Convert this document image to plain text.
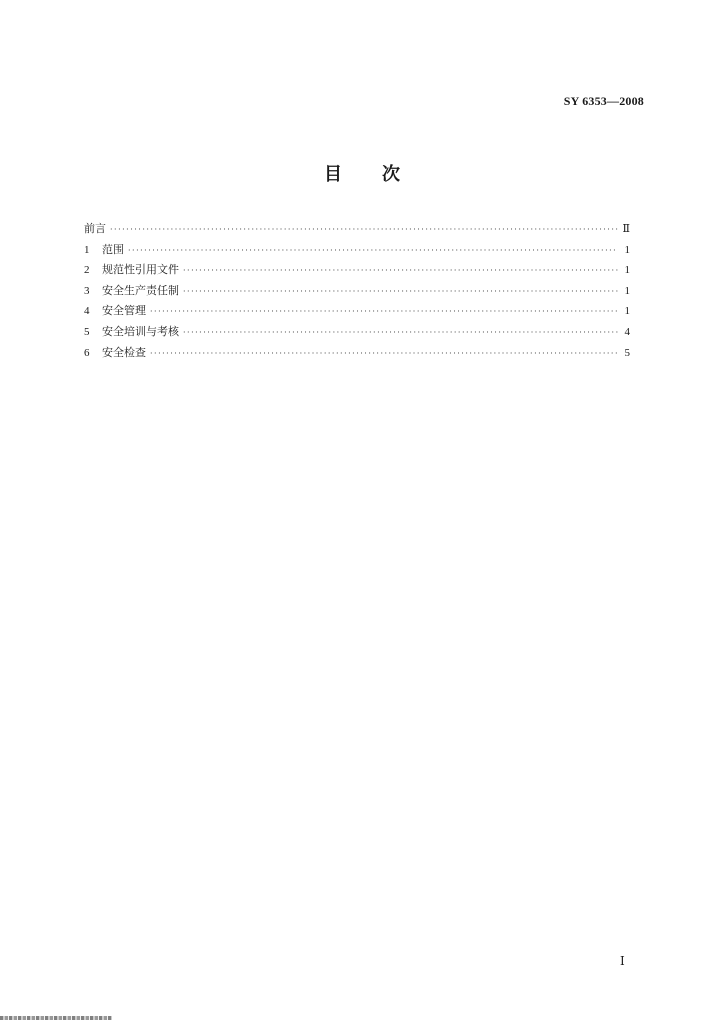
SY 6353—2008
目 次
前言 ·····	Ⅱ
1	范围 ·····	1
2	规范性引用文件 ·····	1
3	安全生产责任制 ·····	1
4	安全管理 ·····	1
5	安全培训与考核 ·····	4
6	安全检查 ·····	5
Ⅰ
